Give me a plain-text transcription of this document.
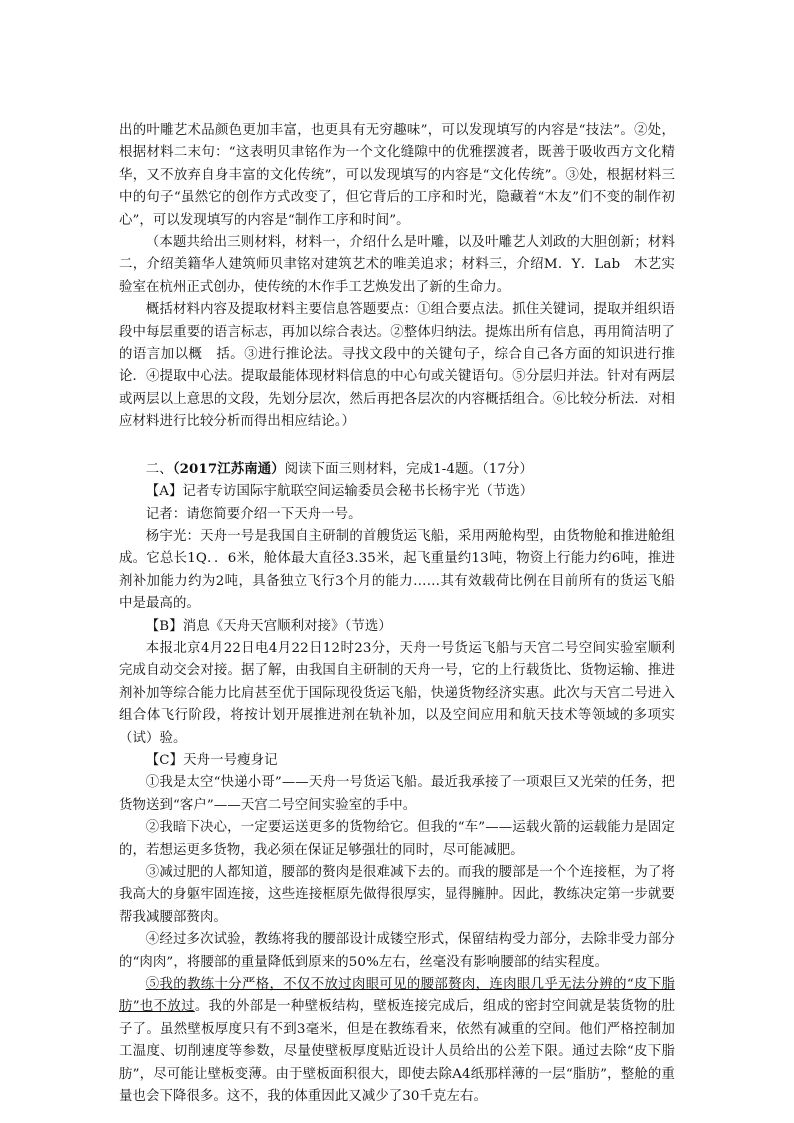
出的叶雕艺术品颜色更加丰富，也更具有无穷趣味”，可以发现填写的内容是“技法”。②处，根据材料二末句：“这表明贝聿铭作为一个文化缝隙中的优雅摆渡者，既善于吸收西方文化精华，又不放弃自身丰富的文化传统”，可以发现填写的内容是“文化传统”。③处，根据材料三中的句子“虽然它的创作方式改变了，但它背后的工序和时光，隐藏着“木友”们不变的制作初心”，可以发现填写的内容是“制作工序和时间”。

（本题共给出三则材料，材料一，介绍什么是叶雕，以及叶雕艺人刘政的大胆创新；材料二，介绍美籍华人建筑师贝聿铭对建筑艺术的唯美追求；材料三，介绍M．Y．Lab　木艺实验室在杭州正式创办，使传统的木作手工艺焕发出了新的生命力。

概括材料内容及提取材料主要信息答题要点：①组合要点法。抓住关键词，提取并组织语段中每层重要的语言标志，再加以综合表达。②整体归纳法。提炼出所有信息，再用简洁明了的语言加以概　括。③进行推论法。寻找文段中的关键句子，综合自己各方面的知识进行推论．④提取中心法。提取最能体现材料信息的中心句或关键语句。⑤分层归并法。针对有两层或两层以上意思的文段，先划分层次，然后再把各层次的内容概括组合。⑥比较分析法．对相应材料进行比较分析而得出相应结论。）

二、（2017江苏南通）阅读下面三则材料，完成1-4题。（17分）

【A】记者专访国际宇航联空间运输委员会秘书长杨宇光（节选）

记者：请您简要介绍一下天舟一号。

杨宇光：天舟一号是我国自主研制的首艘货运飞船，采用两舱构型，由货物舱和推进舱组成。它总长1Q．．6米，舱体最大直径3.35米，起飞重量约13吨，物资上行能力约6吨，推进剂补加能力约为2吨，具备独立飞行3个月的能力……其有效载荷比例在目前所有的货运飞船中是最高的。

【B】消息《天舟天宫顺利对接》（节选）

本报北京4月22日电4月22日12时23分，天舟一号货运飞船与天宫二号空间实验室顺利完成自动交会对接。据了解，由我国自主研制的天舟一号，它的上行载货比、货物运输、推进剂补加等综合能力比肩甚至优于国际现役货运飞船，快递货物经济实惠。此次与天宫二号进入组合体飞行阶段，将按计划开展推进剂在轨补加，以及空间应用和航天技术等领域的多项实（试）验。

【C】天舟一号瘦身记

①我是太空“快递小哥”——天舟一号货运飞船。最近我承接了一项艰巨又光荣的任务，把货物送到“客户”——天宫二号空间实验室的手中。

②我暗下决心，一定要运送更多的货物给它。但我的“车”——运载火箭的运载能力是固定的，若想运更多货物，我必须在保证足够强壮的同时，尽可能减肥。

③减过肥的人都知道，腰部的赘肉是很难减下去的。而我的腰部是一个个连接框，为了将我高大的身躯牢固连接，这些连接框原先做得很厚实，显得臃肿。因此，教练决定第一步就要帮我减腰部赘肉。

④经过多次试验，教练将我的腰部设计成镂空形式，保留结构受力部分，去除非受力部分的“肉肉”，将腰部的重量降低到原来的50%左右，丝毫没有影响腰部的结实程度。

⑤我的教练十分严格，不仅不放过肉眼可见的腰部赘肉，连肉眼几乎无法分辨的“皮下脂肪”也不放过。我的外部是一种壁板结构，壁板连接完成后，组成的密封空间就是装货物的肚子了。虽然壁板厚度只有不到3毫米，但是在教练看来，依然有减重的空间。他们严格控制加工温度、切削速度等参数，尽量使壁板厚度贴近设计人员给出的公差下限。通过去除“皮下脂肪”，尽可能让壁板变薄。由于壁板面积很大，即使去除A4纸那样薄的一层“脂肪”，整舱的重量也会下降很多。这不，我的体重因此又减少了30千克左右。
